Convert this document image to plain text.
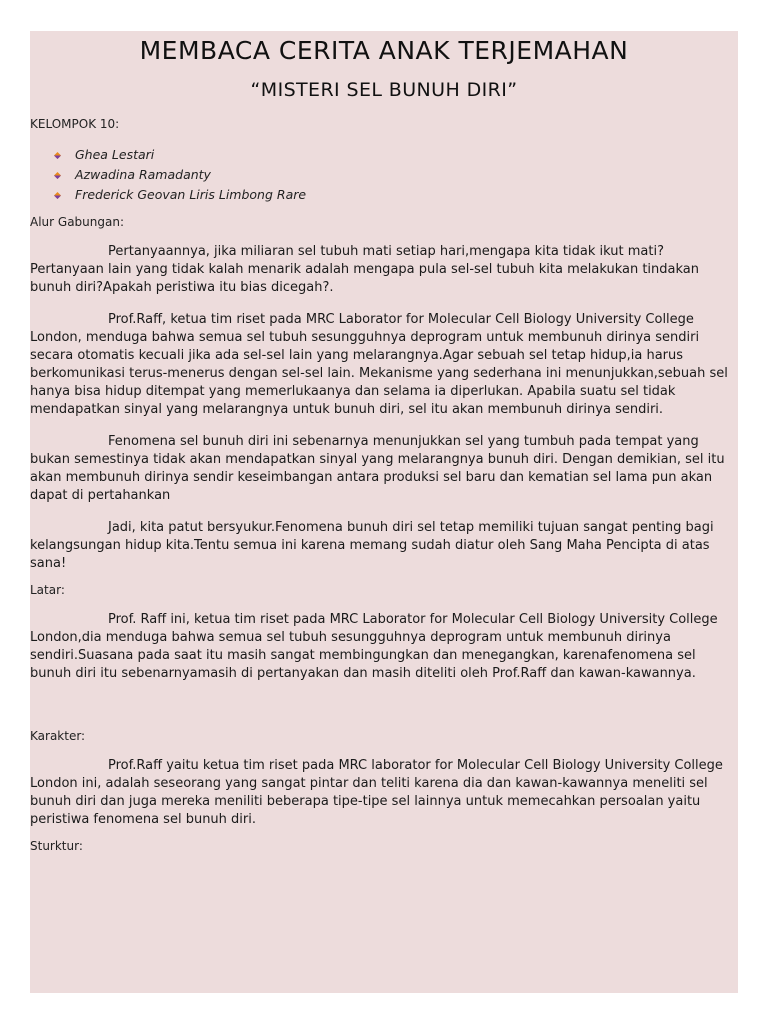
MEMBACA CERITA ANAK TERJEMAHAN
“MISTERI SEL BUNUH DIRI”

KELOMPOK 10:

Ghea Lestari
Azwadina Ramadanty
Frederick Geovan Liris Limbong Rare

Alur Gabungan:

Pertanyaannya, jika miliaran sel tubuh mati setiap hari,mengapa kita tidak ikut mati? Pertanyaan lain yang tidak kalah menarik adalah mengapa pula sel-sel tubuh kita melakukan tindakan bunuh diri?Apakah peristiwa itu bias dicegah?.

Prof.Raff, ketua tim riset pada MRC Laborator for Molecular Cell Biology University College London, menduga bahwa semua sel tubuh sesungguhnya deprogram untuk membunuh dirinya sendiri secara otomatis kecuali jika ada sel-sel lain yang melarangnya.Agar sebuah sel tetap hidup,ia harus berkomunikasi terus-menerus dengan sel-sel lain. Mekanisme yang sederhana ini menunjukkan,sebuah sel hanya bisa hidup ditempat yang memerlukaanya dan selama ia diperlukan. Apabila suatu sel tidak mendapatkan sinyal yang melarangnya untuk bunuh diri, sel itu akan membunuh dirinya sendiri.

Fenomena sel bunuh diri ini sebenarnya menunjukkan sel yang tumbuh pada tempat yang bukan semestinya tidak akan mendapatkan sinyal yang melarangnya bunuh diri. Dengan demikian, sel itu akan membunuh dirinya sendir keseimbangan antara produksi sel baru dan kematian sel lama pun akan dapat di pertahankan

Jadi, kita patut bersyukur.Fenomena bunuh diri sel tetap memiliki tujuan sangat penting bagi kelangsungan hidup kita.Tentu semua ini karena memang sudah diatur oleh Sang Maha Pencipta di atas sana!

Latar:

Prof. Raff ini, ketua tim riset pada MRC Laborator for Molecular Cell Biology University College London,dia menduga bahwa semua sel tubuh sesungguhnya deprogram untuk membunuh dirinya sendiri.Suasana pada saat itu masih sangat membingungkan dan menegangkan, karenafenomena sel bunuh diri itu sebenarnyamasih di pertanyakan dan masih diteliti oleh Prof.Raff dan kawan-kawannya.

Karakter:

Prof.Raff yaitu ketua tim riset pada MRC laborator for Molecular Cell Biology University College London ini, adalah seseorang yang sangat pintar dan teliti karena dia dan kawan-kawannya meneliti sel bunuh diri dan juga mereka meniliti beberapa tipe-tipe sel lainnya untuk memecahkan persoalan yaitu peristiwa fenomena sel bunuh diri.

Sturktur:
